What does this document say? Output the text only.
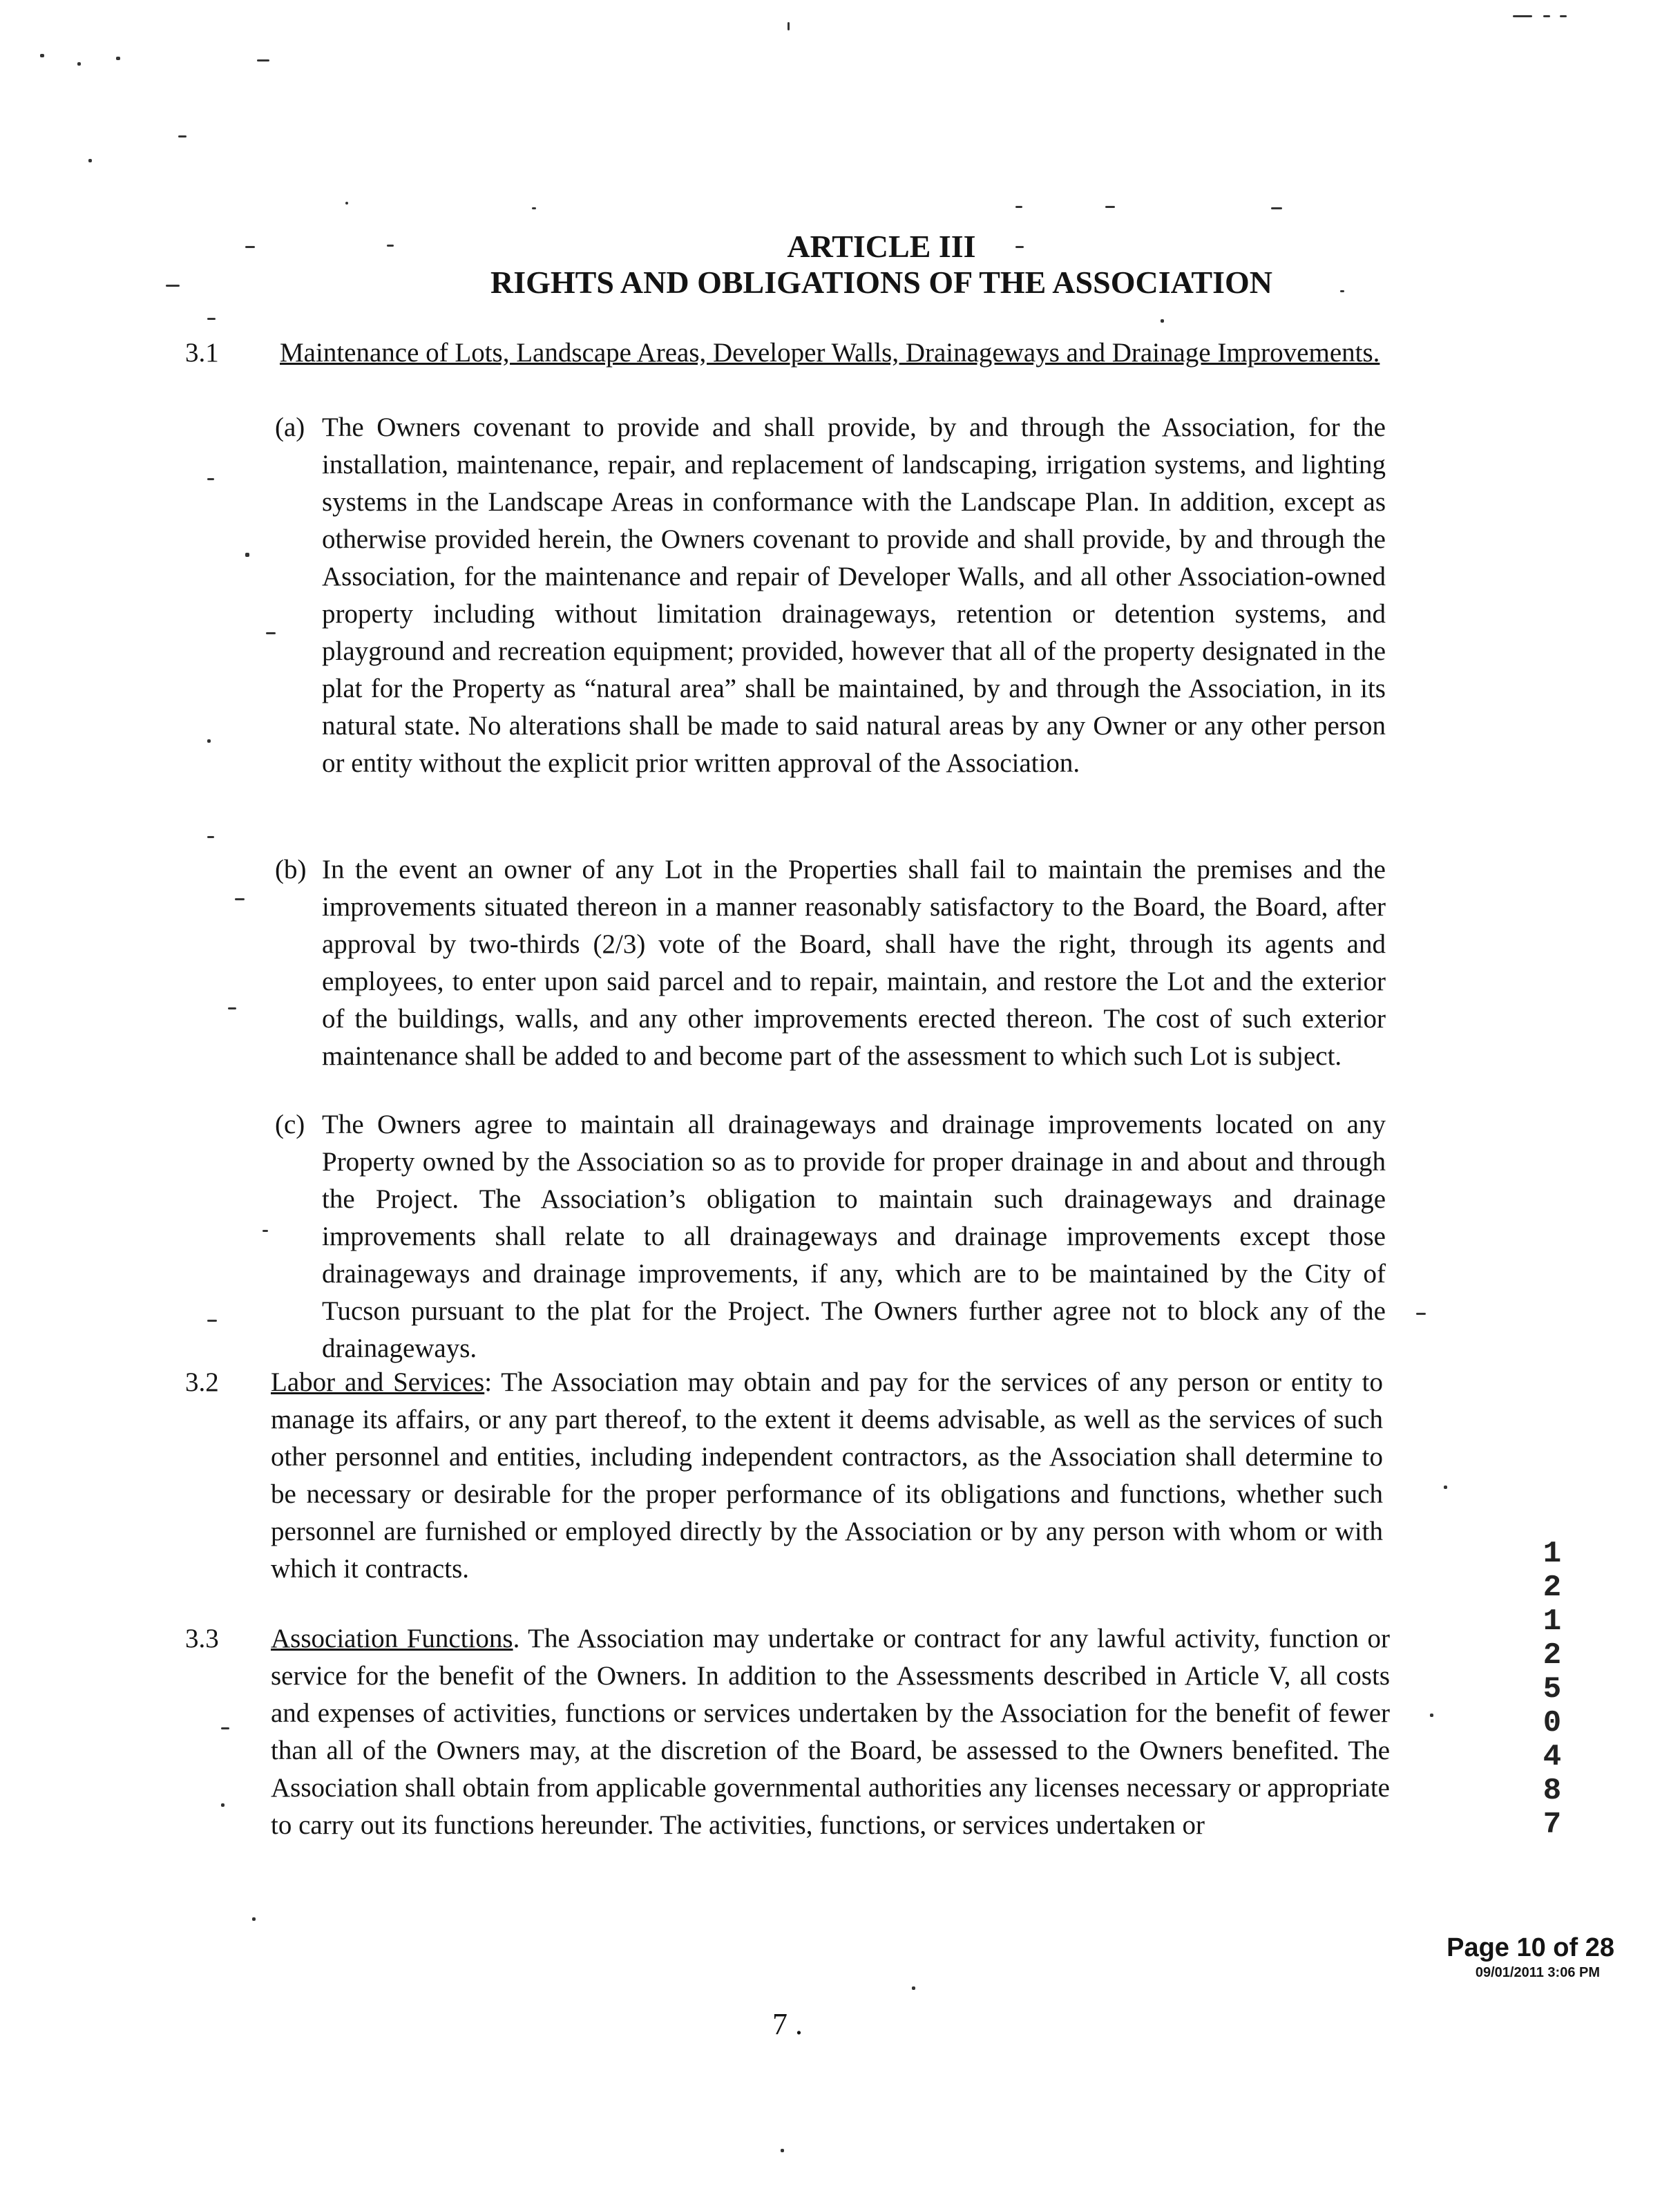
ARTICLE III
RIGHTS AND OBLIGATIONS OF THE ASSOCIATION
3.1 Maintenance of Lots, Landscape Areas, Developer Walls, Drainageways and Drainage Improvements.

(a) The Owners covenant to provide and shall provide, by and through the Association, for the installation, maintenance, repair, and replacement of landscaping, irrigation systems, and lighting systems in the Landscape Areas in conformance with the Landscape Plan. In addition, except as otherwise provided herein, the Owners covenant to provide and shall provide, by and through the Association, for the maintenance and repair of Developer Walls, and all other Association-owned property including without limitation drainageways, retention or detention systems, and playground and recreation equipment; provided, however that all of the property designated in the plat for the Property as “natural area” shall be maintained, by and through the Association, in its natural state. No alterations shall be made to said natural areas by any Owner or any other person or entity without the explicit prior written approval of the Association.

(b) In the event an owner of any Lot in the Properties shall fail to maintain the premises and the improvements situated thereon in a manner reasonably satisfactory to the Board, the Board, after approval by two-thirds (2/3) vote of the Board, shall have the right, through its agents and employees, to enter upon said parcel and to repair, maintain, and restore the Lot and the exterior of the buildings, walls, and any other improvements erected thereon. The cost of such exterior maintenance shall be added to and become part of the assessment to which such Lot is subject.

(c) The Owners agree to maintain all drainageways and drainage improvements located on any Property owned by the Association so as to provide for proper drainage in and about and through the Project. The Association’s obligation to maintain such drainageways and drainage improvements shall relate to all drainageways and drainage improvements except those drainageways and drainage improvements, if any, which are to be maintained by the City of Tucson pursuant to the plat for the Project. The Owners further agree not to block any of the drainageways.

3.2 Labor and Services: The Association may obtain and pay for the services of any person or entity to manage its affairs, or any part thereof, to the extent it deems advisable, as well as the services of such other personnel and entities, including independent contractors, as the Association shall determine to be necessary or desirable for the proper performance of its obligations and functions, whether such personnel are furnished or employed directly by the Association or by any person with whom or with which it contracts.

3.3 Association Functions. The Association may undertake or contract for any lawful activity, function or service for the benefit of the Owners. In addition to the Assessments described in Article V, all costs and expenses of activities, functions or services undertaken by the Association for the benefit of fewer than all of the Owners may, at the discretion of the Board, be assessed to the Owners benefited. The Association shall obtain from applicable governmental authorities any licenses necessary or appropriate to carry out its functions hereunder. The activities, functions, or services undertaken or

12125 0487
7 .
Page 10 of 28
09/01/2011 3:06 PM
